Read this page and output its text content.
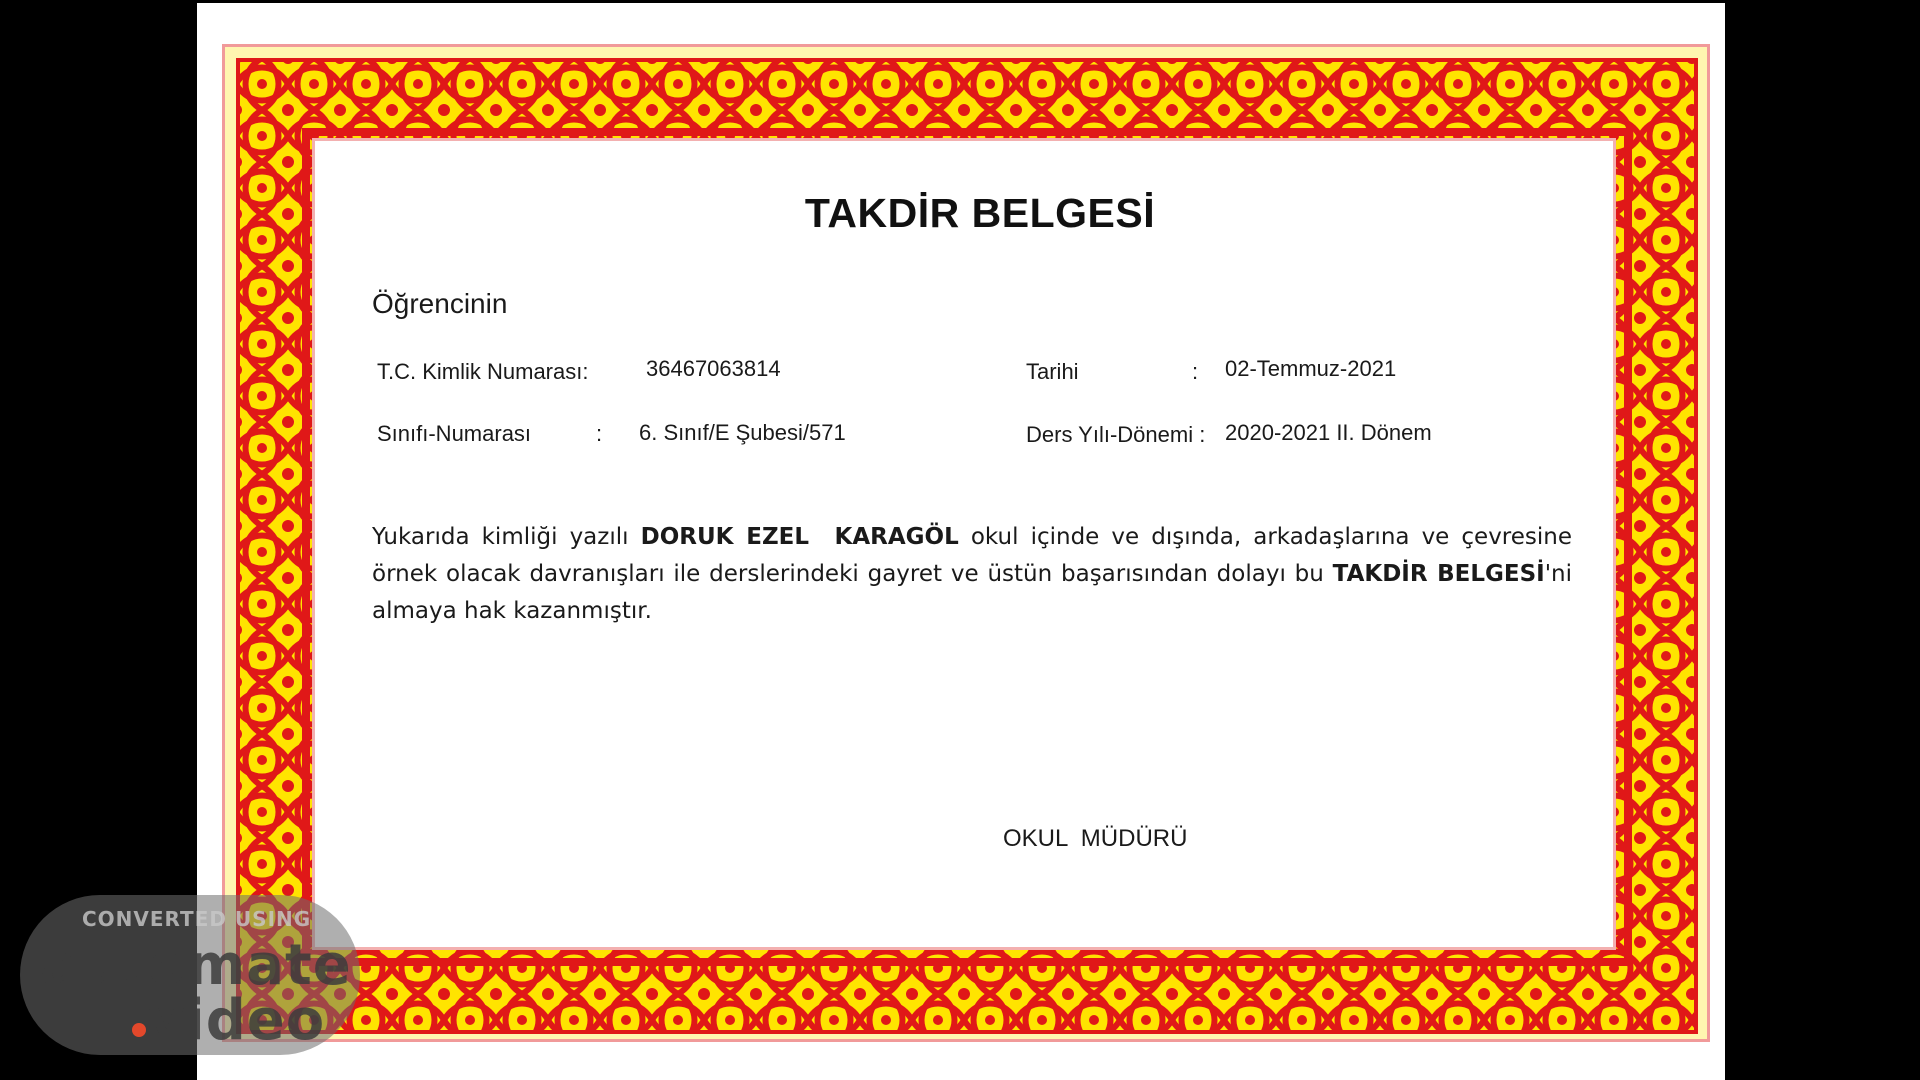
TAKDİR BELGESİ
Öğrencinin
T.C. Kimlik Numarası:	36467063814	Tarihi	: 02-Temmuz-2021
Sınıfı-Numarası	: 6. Sınıf/E Şubesi/571	Ders Yılı-Dönemi : 2020-2021 II. Dönem
Yukarıda kimliği yazılı DORUK EZEL  KARAGÖL okul içinde ve dışında, arkadaşlarına ve çevresine örnek olacak davranışları ile derslerindeki gayret ve üstün başarısından dolayı bu TAKDİR BELGESİ'ni almaya hak kazanmıştır.
OKUL  MÜDÜRÜ
CONVERTED USING
automate
video
